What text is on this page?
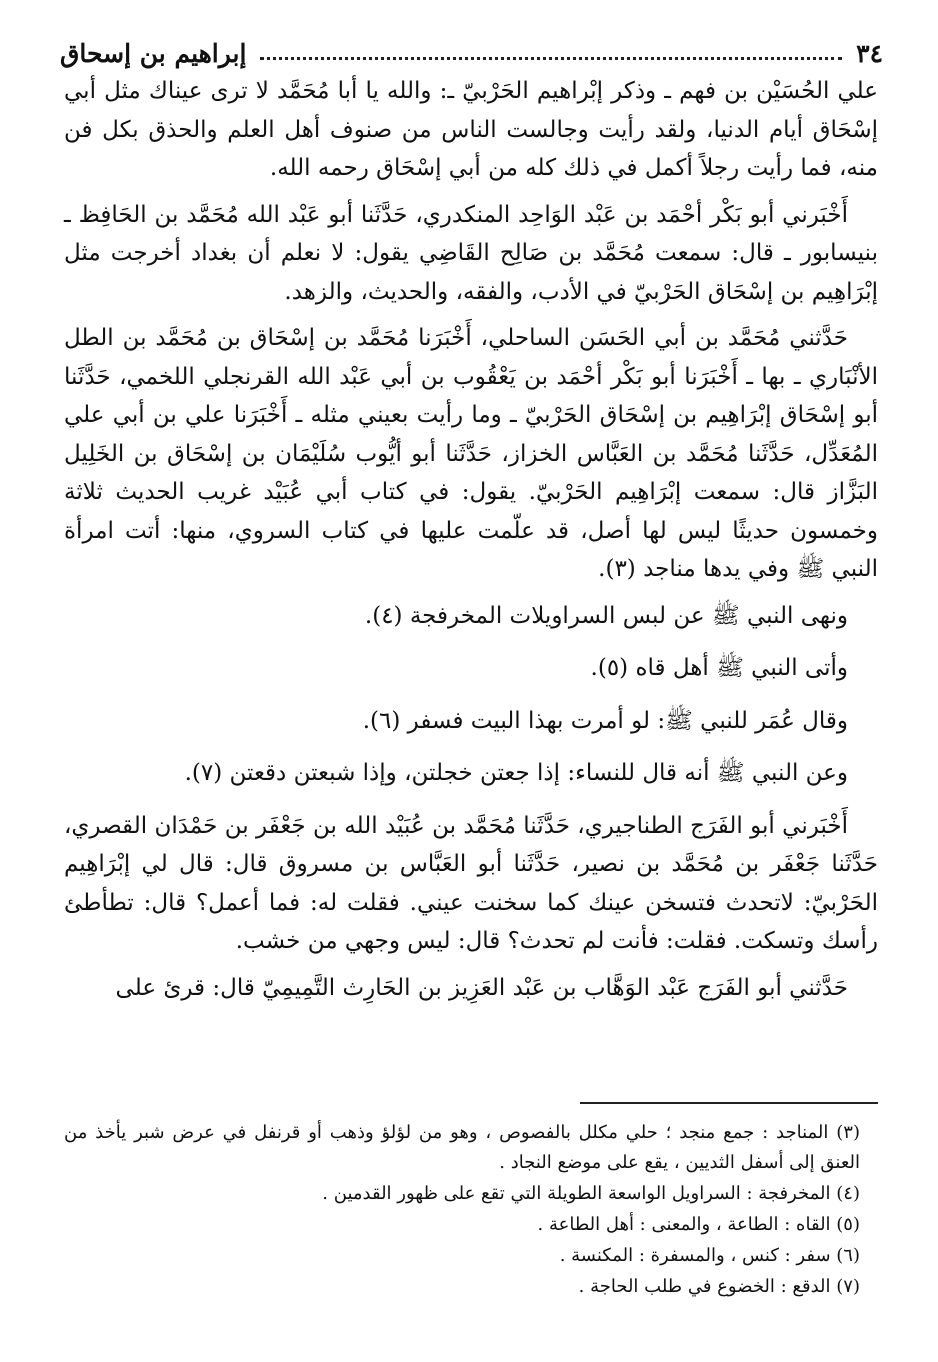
٣٤
إبراهيم بن إسحاق

علي الحُسَيْن بن فهم ـ وذكر إبْراهيم الحَرْبيّ ـ: والله يا أبا مُحَمَّد لا ترى عيناك مثل أبي إسْحَاق أيام الدنيا، ولقد رأيت وجالست الناس من صنوف أهل العلم والحذق بكل فن منه، فما رأيت رجلاً أكمل في ذلك كله من أبي إسْحَاق رحمه الله.

أَخْبَرني أبو بَكْر أحْمَد بن عَبْد الوَاحِد المنكدري، حَدَّثَنا أبو عَبْد الله مُحَمَّد بن الحَافِظ ـ بنيسابور ـ قال: سمعت مُحَمَّد بن صَالِح القَاضِي يقول: لا نعلم أن بغداد أخرجت مثل إبْرَاهِيم بن إسْحَاق الحَرْبيّ في الأدب، والفقه، والحديث، والزهد.

حَدَّثني مُحَمَّد بن أبي الحَسَن الساحلي، أَخْبَرَنا مُحَمَّد بن إسْحَاق بن مُحَمَّد بن الطل الأنْبَاري ـ بها ـ أَخْبَرَنا أبو بَكْر أحْمَد بن يَعْقُوب بن أبي عَبْد الله القرنجلي اللخمي، حَدَّثَنا أبو إسْحَاق إبْرَاهِيم بن إسْحَاق الحَرْبيّ ـ وما رأيت بعيني مثله ـ أَخْبَرَنا علي بن أبي علي المُعَدِّل، حَدَّثَنا مُحَمَّد بن العَبَّاس الخزاز، حَدَّثَنا أبو أيُّوب سُلَيْمَان بن إسْحَاق بن الخَلِيل البَزَّاز قال: سمعت إبْرَاهِيم الحَرْبيّ. يقول: في كتاب أبي عُبَيْد غريب الحديث ثلاثة وخمسون حديثًا ليس لها أصل، قد علّمت عليها في كتاب السروي، منها: أتت امرأة النبي ﷺ وفي يدها مناجد (٣).

ونهى النبي ﷺ عن لبس السراويلات المخرفجة (٤).

وأتى النبي ﷺ أهل قاه (٥).

وقال عُمَر للنبي ﷺ: لو أمرت بهذا البيت فسفر (٦).

وعن النبي ﷺ أنه قال للنساء: إذا جعتن خجلتن، وإذا شبعتن دقعتن (٧).

أَخْبَرني أبو الفَرَج الطناجيري، حَدَّثَنا مُحَمَّد بن عُبَيْد الله بن جَعْفَر بن حَمْدَان القصري، حَدَّثَنا جَعْفَر بن مُحَمَّد بن نصير، حَدَّثَنا أبو العَبَّاس بن مسروق قال: قال لي إبْرَاهِيم الحَرْبيّ: لاتحدث فتسخن عينك كما سخنت عيني. فقلت له: فما أعمل؟ قال: تطأطئ رأسك وتسكت. فقلت: فأنت لم تحدث؟ قال: ليس وجهي من خشب.

حَدَّثني أبو الفَرَج عَبْد الوَهَّاب بن عَبْد العَزِيز بن الحَارِث التَّمِيمِيّ قال: قرئ على

(٣) المناجد : جمع منجد ؛ حلي مكلل بالفصوص ، وهو من لؤلؤ وذهب أو قرنفل في عرض شبر يأخذ من العنق إلى أسفل الثديين ، يقع على موضع النجاد .
(٤) المخرفجة : السراويل الواسعة الطويلة التي تقع على ظهور القدمين .
(٥) القاه : الطاعة ، والمعنى : أهل الطاعة .
(٦) سفر : كنس ، والمسفرة : المكنسة .
(٧) الدقع : الخضوع في طلب الحاجة .
